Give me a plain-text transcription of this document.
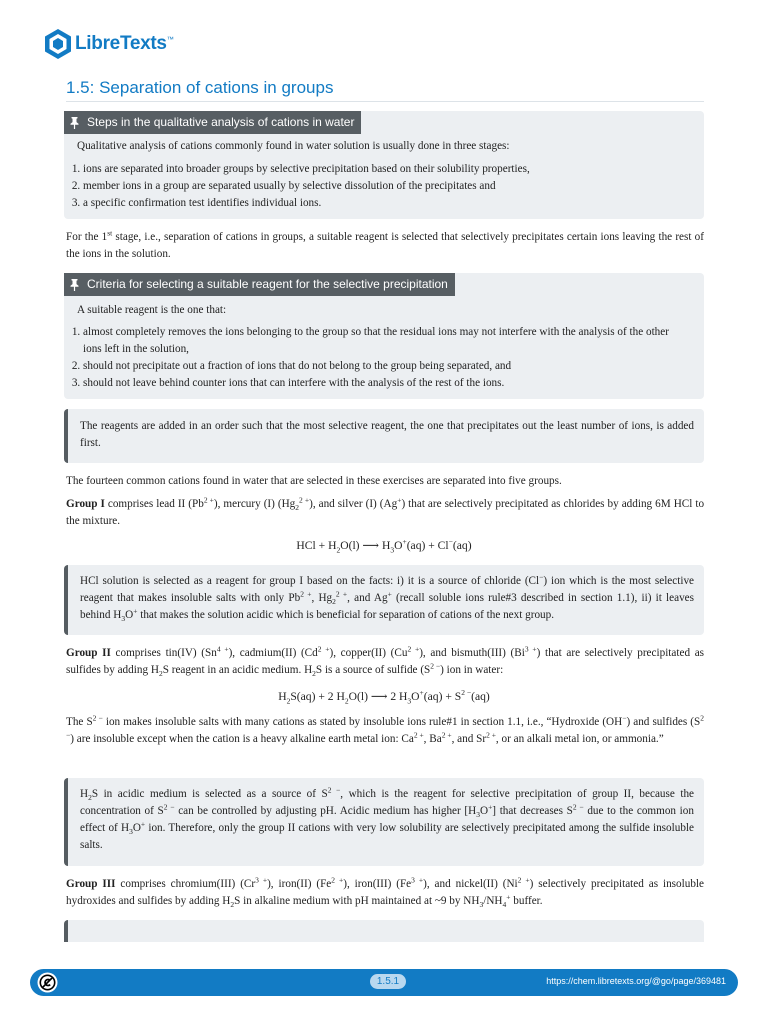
LibreTexts™
1.5: Separation of cations in groups
Steps in the qualitative analysis of cations in water

Qualitative analysis of cations commonly found in water solution is usually done in three stages:

1. ions are separated into broader groups by selective precipitation based on their solubility properties,
2. member ions in a group are separated usually by selective dissolution of the precipitates and
3. a specific confirmation test identifies individual ions.

For the 1st stage, i.e., separation of cations in groups, a suitable reagent is selected that selectively precipitates certain ions leaving the rest of the ions in the solution.

Criteria for selecting a suitable reagent for the selective precipitation

A suitable reagent is the one that:

1. almost completely removes the ions belonging to the group so that the residual ions may not interfere with the analysis of the other ions left in the solution,
2. should not precipitate out a fraction of ions that do not belong to the group being separated, and
3. should not leave behind counter ions that can interfere with the analysis of the rest of the ions.

The reagents are added in an order such that the most selective reagent, the one that precipitates out the least number of ions, is added first.

The fourteen common cations found in water that are selected in these exercises are separated into five groups.

Group I comprises lead II $(Pb^{2 +})$, mercury (I) $(Hg_2^{2 +})$, and silver (I) (Ag+) that are selectively precipitated as chlorides by adding 6M HCl to the mixture.

HCl + $H_2O(l)$ ⟶ $H_3O^+(aq) + Cl^-(aq)$

HCl solution is selected as a reagent for group I based on the facts: i) it is a source of chloride (Cl−) ion which is the most selective reagent that makes insoluble salts with only $Pb^{2 +}$, $Hg_2^{2 +}$, and Ag+ (recall soluble ions rule#3 described in section 1.1), ii) it leaves behind $H_3O^+$ that makes the solution acidic which is beneficial for separation of cations of the next group.

Group II comprises tin(IV) $(Sn^{4 +})$, cadmium(II) $(Cd^{2 +})$, copper(II) $(Cu^{2 +})$, and bismuth(III) $(Bi^{3 +})$ that are selectively precipitated as sulfides by adding $H_2S$ reagent in an acidic medium. $H_2S$ is a source of sulfide $(S^{2 -})$ ion in water:

$H_2S(aq) + 2$ $H_2O(l)$ ⟶ 2 $H_3O^+(aq) + S^{2 -}(aq)$

The $S^{2 -}$ ion makes insoluble salts with many cations as stated by insoluble ions rule#1 in section 1.1, i.e., “Hydroxide (OH−) and sulfides $(S^{2 -})$ are insoluble except when the cation is a heavy alkaline earth metal ion: $Ca^{2 +}$, $Ba^{2 +}$, and $Sr^{2 +}$, or an alkali metal ion, or ammonia.”

$H_2S$ in acidic medium is selected as a source of $S^{2 -}$, which is the reagent for selective precipitation of group II, because the concentration of $S^{2 -}$ can be controlled by adjusting pH. Acidic medium has higher $[H_3O^+]$ that decreases $S^{2 -}$ due to the common ion effect of $H_3O^+$ ion. Therefore, only the group II cations with very low solubility are selectively precipitated among the sulfide insoluble salts.

Group III comprises chromium(III) $(Cr^{3 +})$, iron(II) $(Fe^{2 +})$, iron(III) $(Fe^{3 +})$, and nickel(II) $(Ni^{2 +})$ selectively precipitated as insoluble hydroxides and sulfides by adding $H_2S$ in alkaline medium with pH maintained at ~9 by $NH_3/NH_4^+$ buffer.

1.5.1	https://chem.libretexts.org/@go/page/369481
